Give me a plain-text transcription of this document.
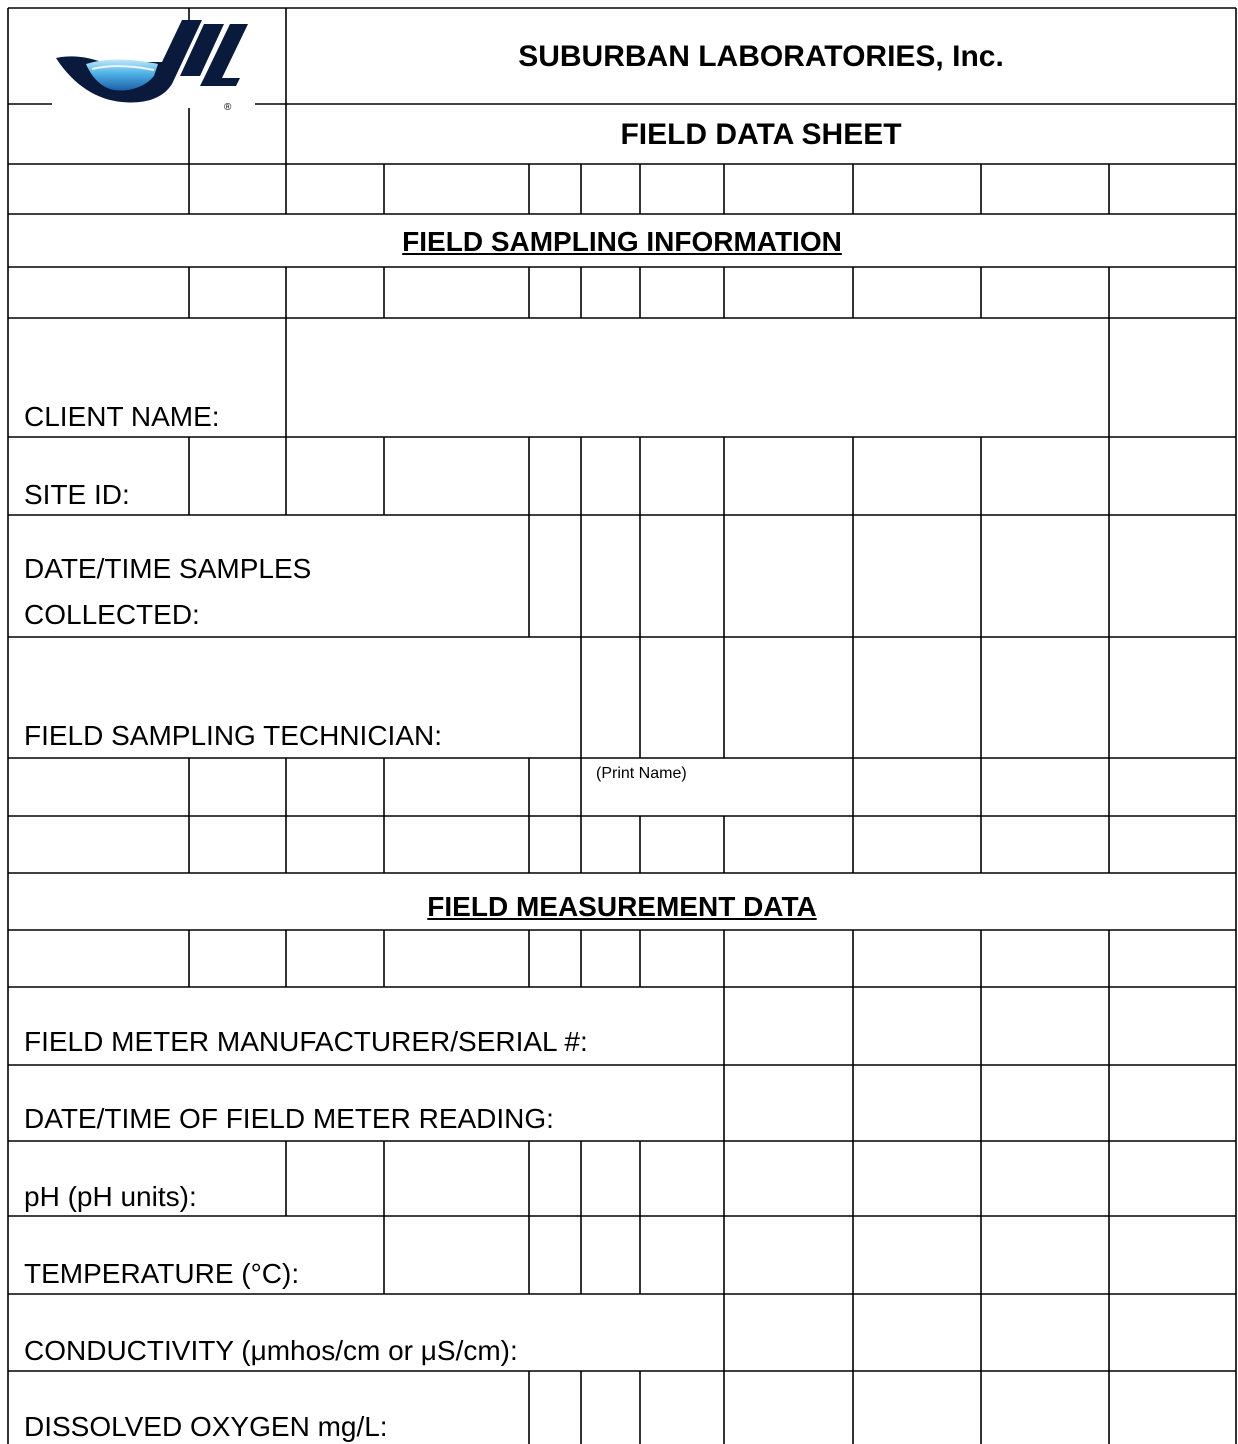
®
SUBURBAN LABORATORIES, Inc.
FIELD DATA SHEET
FIELD SAMPLING INFORMATION
FIELD MEASUREMENT DATA
CLIENT NAME:
SITE ID:
DATE/TIME SAMPLES
COLLECTED:
FIELD SAMPLING TECHNICIAN:
(Print Name)
FIELD METER MANUFACTURER/SERIAL #:
DATE/TIME OF FIELD METER READING:
pH (pH units):
TEMPERATURE (°C):
CONDUCTIVITY (μmhos/cm or μS/cm):
DISSOLVED OXYGEN mg/L:
